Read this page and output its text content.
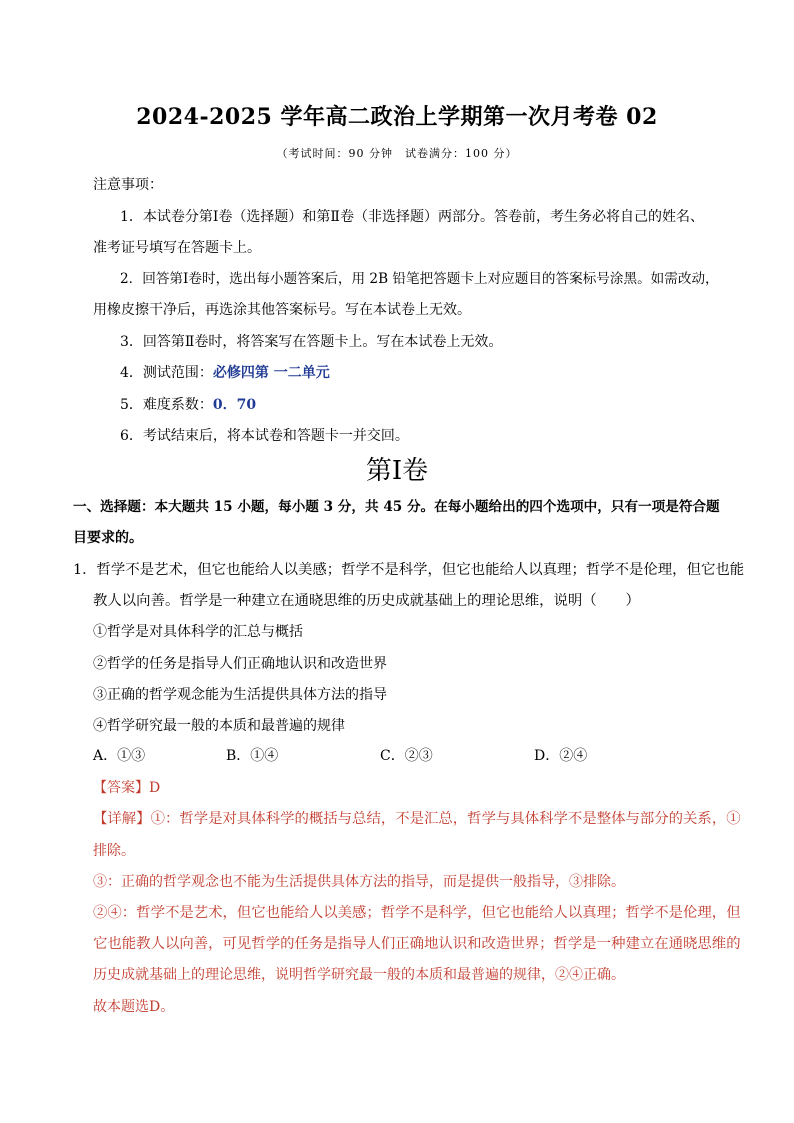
2024-2025 学年高二政治上学期第一次月考卷 02
（考试时间：90 分钟　试卷满分：100 分）
注意事项：
1．本试卷分第Ⅰ卷（选择题）和第Ⅱ卷（非选择题）两部分。答卷前，考生务必将自己的姓名、
准考证号填写在答题卡上。
2．回答第Ⅰ卷时，选出每小题答案后，用 2B 铅笔把答题卡上对应题目的答案标号涂黑。如需改动，
用橡皮擦干净后，再选涂其他答案标号。写在本试卷上无效。
3．回答第Ⅱ卷时，将答案写在答题卡上。写在本试卷上无效。
4．测试范围：必修四第 一二单元
5．难度系数：0．70
6．考试结束后，将本试卷和答题卡一并交回。
第Ⅰ卷
一、选择题：本大题共 15 小题，每小题 3 分，共 45 分。在每小题给出的四个选项中，只有一项是符合题
目要求的。
1．哲学不是艺术，但它也能给人以美感；哲学不是科学，但它也能给人以真理；哲学不是伦理，但它也能
教人以向善。哲学是一种建立在通晓思维的历史成就基础上的理论思维，说明（　　）
①哲学是对具体科学的汇总与概括
②哲学的任务是指导人们正确地认识和改造世界
③正确的哲学观念能为生活提供具体方法的指导
④哲学研究最一般的本质和最普遍的规律
A．①③	B．①④	C．②③	D．②④
【答案】D
【详解】①：哲学是对具体科学的概括与总结，不是汇总，哲学与具体科学不是整体与部分的关系，①
排除。
③：正确的哲学观念也不能为生活提供具体方法的指导，而是提供一般指导，③排除。
②④：哲学不是艺术，但它也能给人以美感；哲学不是科学，但它也能给人以真理；哲学不是伦理，但
它也能教人以向善，可见哲学的任务是指导人们正确地认识和改造世界；哲学是一种建立在通晓思维的
历史成就基础上的理论思维，说明哲学研究最一般的本质和最普遍的规律，②④正确。
故本题选D。
